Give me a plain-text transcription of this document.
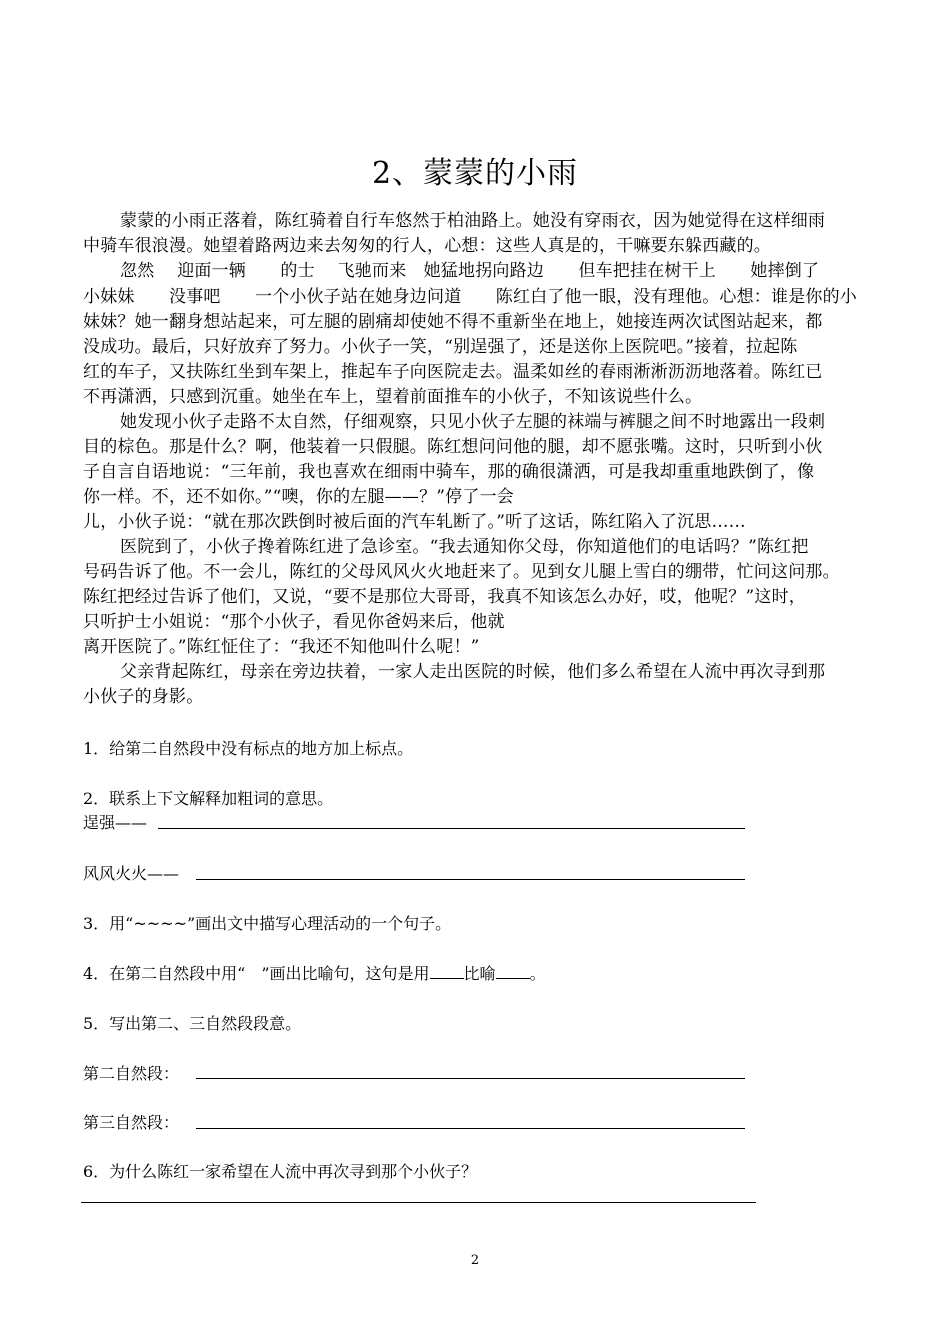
2、蒙蒙的小雨
蒙蒙的小雨正落着，陈红骑着自行车悠然于柏油路上。她没有穿雨衣，因为她觉得在这样细雨
中骑车很浪漫。她望着路两边来去匆匆的行人，心想：这些人真是的，干嘛要东躲西藏的。
忽然　 迎面一辆　　的士　 飞驰而来　她猛地拐向路边　　但车把挂在树干上　　她摔倒了
小妹妹　　没事吧　　一个小伙子站在她身边问道　　陈红白了他一眼，没有理他。心想：谁是你的小
妹妹？她一翻身想站起来，可左腿的剧痛却使她不得不重新坐在地上，她接连两次试图站起来，都
没成功。最后，只好放弃了努力。小伙子一笑，“别逞强了，还是送你上医院吧。”接着，拉起陈
红的车子，又扶陈红坐到车架上，推起车子向医院走去。温柔如丝的春雨淅淅沥沥地落着。陈红已
不再潇洒，只感到沉重。她坐在车上，望着前面推车的小伙子，不知该说些什么。
她发现小伙子走路不太自然，仔细观察，只见小伙子左腿的袜端与裤腿之间不时地露出一段刺
目的棕色。那是什么？啊，他装着一只假腿。陈红想问问他的腿，却不愿张嘴。这时，只听到小伙
子自言自语地说：“三年前，我也喜欢在细雨中骑车，那的确很潇洒，可是我却重重地跌倒了，像
你一样。不，还不如你。”“噢，你的左腿——？”停了一会
儿，小伙子说：“就在那次跌倒时被后面的汽车轧断了。”听了这话，陈红陷入了沉思……
医院到了，小伙子搀着陈红进了急诊室。“我去通知你父母，你知道他们的电话吗？”陈红把
号码告诉了他。不一会儿，陈红的父母风风火火地赶来了。见到女儿腿上雪白的绷带，忙问这问那。
陈红把经过告诉了他们，又说，“要不是那位大哥哥，我真不知该怎么办好，哎，他呢？”这时，
只听护士小姐说：“那个小伙子，看见你爸妈来后，他就
离开医院了。”陈红怔住了：“我还不知他叫什么呢！”
父亲背起陈红，母亲在旁边扶着，一家人走出医院的时候，他们多么希望在人流中再次寻到那
小伙子的身影。
1．给第二自然段中没有标点的地方加上标点。
2．联系上下文解释加粗词的意思。
逞强——
风风火火——
3．用“~~~~”画出文中描写心理活动的一个句子。
4．在第二自然段中用“　”画出比喻句，这句是用 比喻 。
5．写出第二、三自然段段意。
第二自然段：
第三自然段：
6．为什么陈红一家希望在人流中再次寻到那个小伙子？
2
